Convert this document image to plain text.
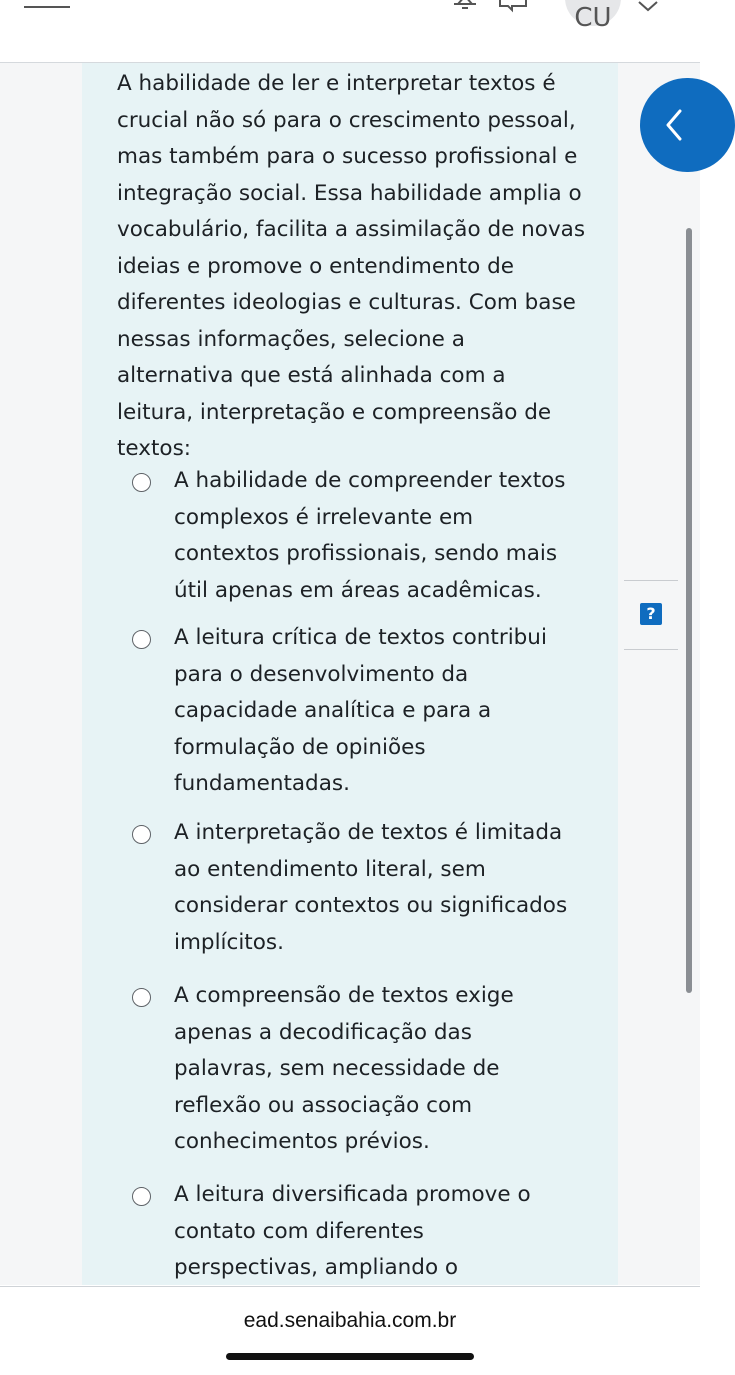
CU

A habilidade de ler e interpretar textos é crucial não só para o crescimento pessoal, mas também para o sucesso profissional e integração social. Essa habilidade amplia o vocabulário, facilita a assimilação de novas ideias e promove o entendimento de diferentes ideologias e culturas. Com base nessas informações, selecione a alternativa que está alinhada com a leitura, interpretação e compreensão de textos:

A habilidade de compreender textos complexos é irrelevante em contextos profissionais, sendo mais útil apenas em áreas acadêmicas.
A leitura crítica de textos contribui para o desenvolvimento da capacidade analítica e para a formulação de opiniões fundamentadas.
A interpretação de textos é limitada ao entendimento literal, sem considerar contextos ou significados implícitos.
A compreensão de textos exige apenas a decodificação das palavras, sem necessidade de reflexão ou associação com conhecimentos prévios.
A leitura diversificada promove o contato com diferentes perspectivas, ampliando o
?
ead.senaibahia.com.br
